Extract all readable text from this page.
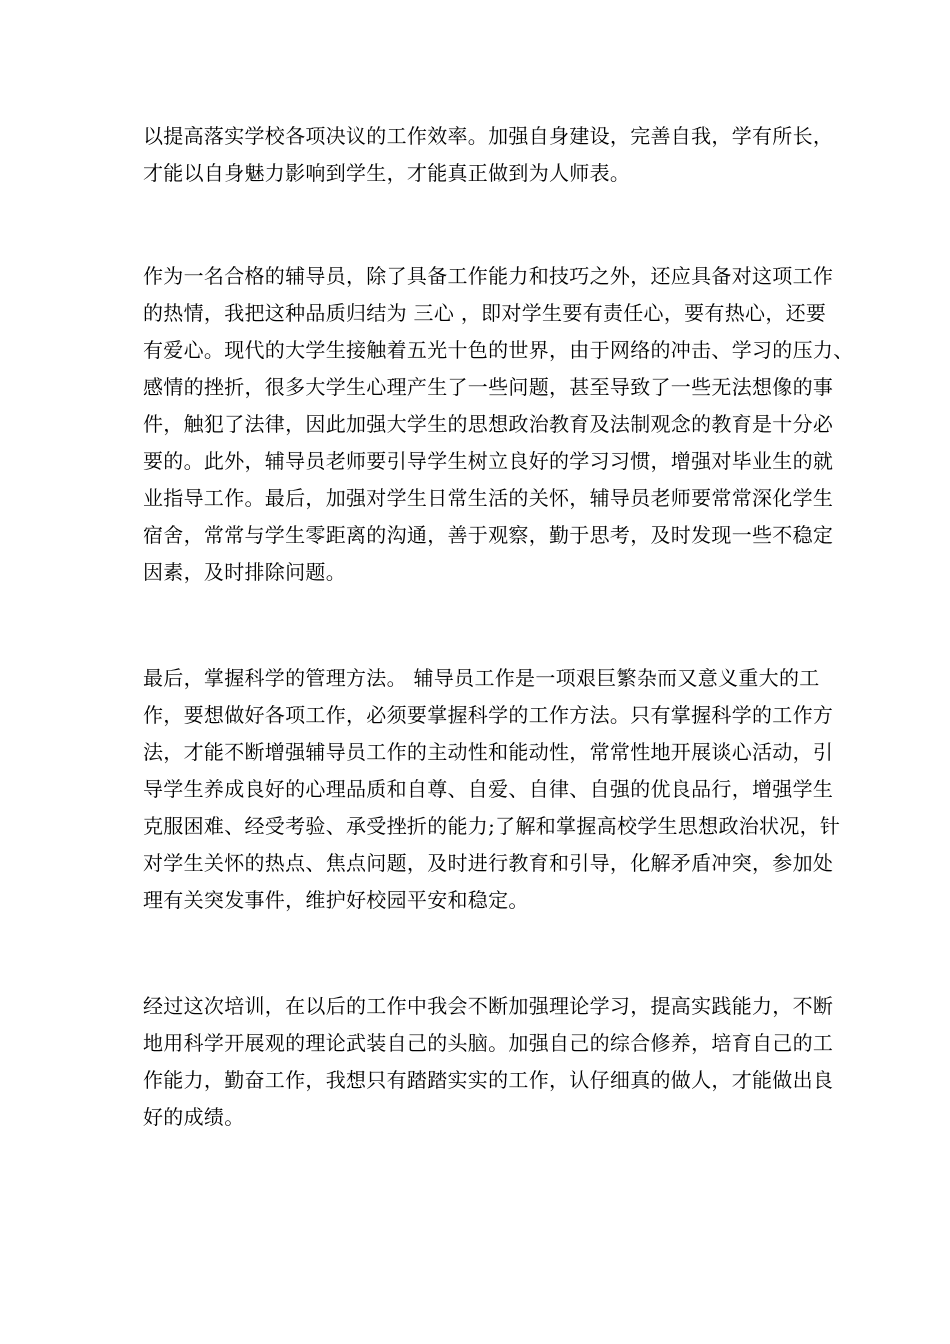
以提高落实学校各项决议的工作效率。加强自身建设，完善自我，学有所长，
才能以自身魅力影响到学生，才能真正做到为人师表。

作为一名合格的辅导员，除了具备工作能力和技巧之外，还应具备对这项工作
的热情，我把这种品质归结为 三心 ，即对学生要有责任心，要有热心，还要
有爱心。现代的大学生接触着五光十色的世界，由于网络的冲击、学习的压力、
感情的挫折，很多大学生心理产生了一些问题，甚至导致了一些无法想像的事
件，触犯了法律，因此加强大学生的思想政治教育及法制观念的教育是十分必
要的。此外，辅导员老师要引导学生树立良好的学习习惯，增强对毕业生的就
业指导工作。最后，加强对学生日常生活的关怀，辅导员老师要常常深化学生
宿舍，常常与学生零距离的沟通，善于观察，勤于思考，及时发现一些不稳定
因素，及时排除问题。

最后，掌握科学的管理方法。 辅导员工作是一项艰巨繁杂而又意义重大的工
作，要想做好各项工作，必须要掌握科学的工作方法。只有掌握科学的工作方
法，才能不断增强辅导员工作的主动性和能动性，常常性地开展谈心活动，引
导学生养成良好的心理品质和自尊、自爱、自律、自强的优良品行，增强学生
克服困难、经受考验、承受挫折的能力;了解和掌握高校学生思想政治状况，针
对学生关怀的热点、焦点问题，及时进行教育和引导，化解矛盾冲突，参加处
理有关突发事件，维护好校园平安和稳定。

经过这次培训，在以后的工作中我会不断加强理论学习，提高实践能力，不断
地用科学开展观的理论武装自己的头脑。加强自己的综合修养，培育自己的工
作能力，勤奋工作，我想只有踏踏实实的工作，认仔细真的做人，才能做出良
好的成绩。
